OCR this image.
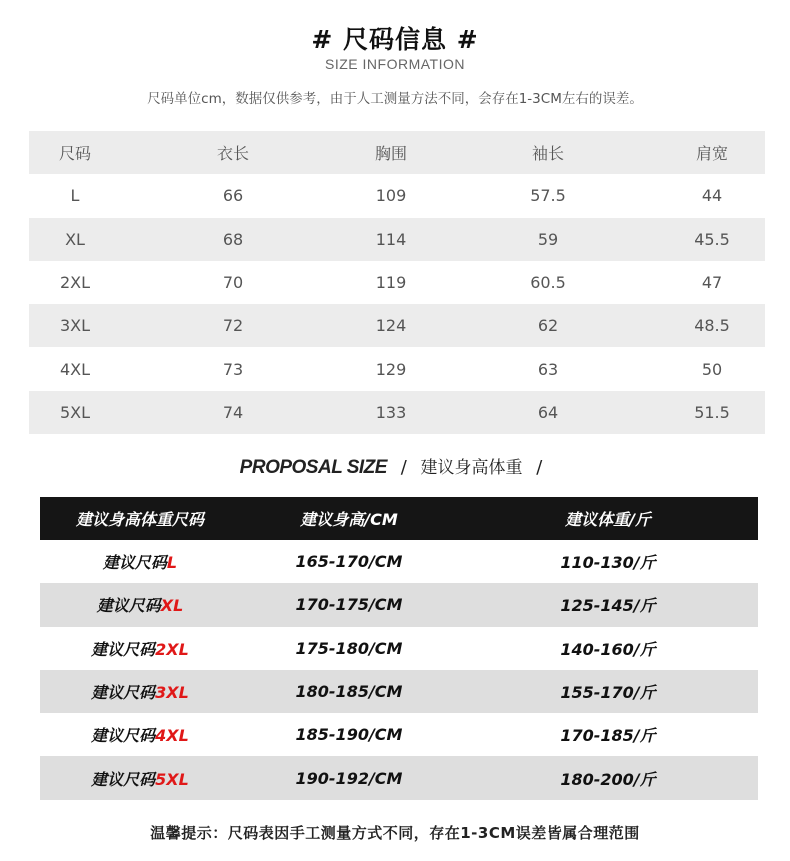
# 尺码信息 #
SIZE INFORMATION
尺码单位cm，数据仅供参考，由于人工测量方法不同，会存在1-3CM左右的误差。
尺码	衣长	胸围	袖长	肩宽
L	66	109	57.5	44
XL	68	114	59	45.5
2XL	70	119	60.5	47
3XL	72	124	62	48.5
4XL	73	129	63	50
5XL	74	133	64	51.5
PROPOSAL SIZE / 建议身高体重 /
建议身高体重尺码	建议身高/CM	建议体重/斤
建议尺码L	165-170/CM	110-130/斤
建议尺码XL	170-175/CM	125-145/斤
建议尺码2XL	175-180/CM	140-160/斤
建议尺码3XL	180-185/CM	155-170/斤
建议尺码4XL	185-190/CM	170-185/斤
建议尺码5XL	190-192/CM	180-200/斤
温馨提示：尺码表因手工测量方式不同，存在1-3CM误差皆属合理范围
